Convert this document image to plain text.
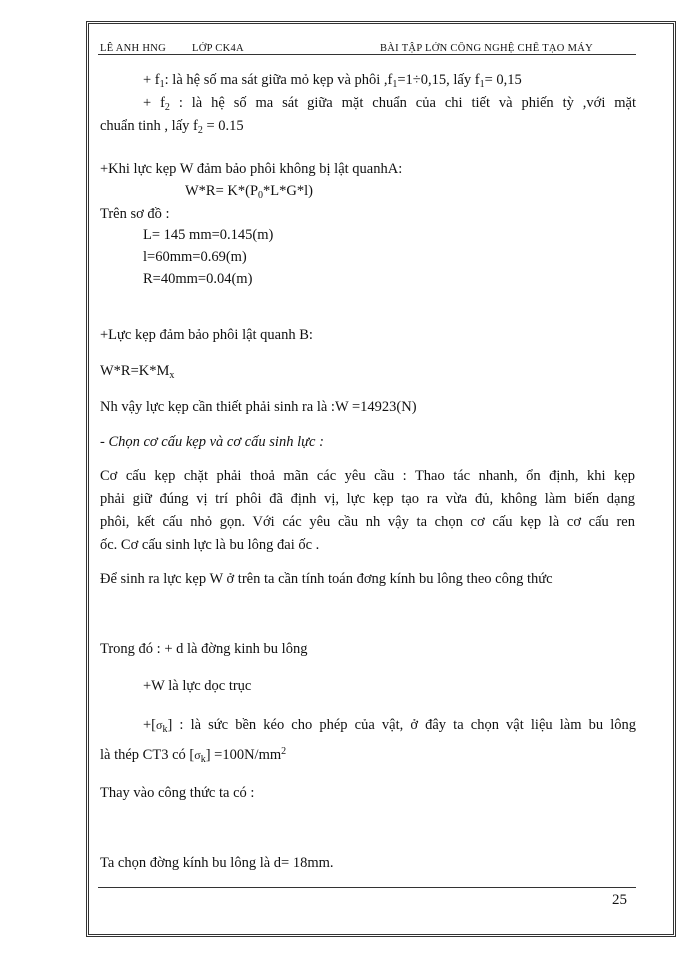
LÊ ANH HNG LỚP CK4A	BÀI TẬP LỚN CÔNG NGHỆ CHẾ TẠO MÁY
+ $f_1$: là hệ số ma sát giữa mỏ kẹp và phôi $,f_1=1\div 0,15$, lấy $f_1= 0,15$
+ $f_2$ : là hệ số ma sát giữa mặt chuẩn của chi tiết và phiến tỳ ,với mặt
chuẩn tinh , lấy $f_2 = 0.15$
+Khi lực kẹp W đảm bảo phôi không bị lật quanhA:
$W*R= K*(P_0*L*G*l)$
Trên sơ đồ :
L= 145 mm=0.145(m)
l=60mm=0.69(m)
R=40mm=0.04(m)
+Lực kẹp đảm bảo phôi lật quanh B:
$W*R=K*M_x$
Nh vậy lực kẹp cần thiết phải sinh ra là :W =14923(N)
- Chọn cơ cấu kẹp và cơ cấu sinh lực :
Cơ cấu kẹp chặt phải thoả mãn các yêu cầu : Thao tác nhanh, ổn định, khi kẹp
phải giữ đúng vị trí phôi đã định vị, lực kẹp tạo ra vừa đủ, không làm biến dạng
phôi, kết cấu nhỏ gọn. Với các yêu cầu nh vậy ta chọn cơ cấu kẹp là cơ cấu ren
ốc. Cơ cấu sinh lực là bu lông đai ốc .
Để sinh ra lực kẹp W ở trên ta cần tính toán đơng kính bu lông theo công thức
Trong đó : + d là đờng kinh bu lông
+W là lực dọc trục
$+[\sigma_k]$ : là sức bền kéo cho phép của vật, ở đây ta chọn vật liệu làm bu lông
là thép CT3 có $[\sigma_k] =100N/mm^2$
Thay vào công thức ta có :
Ta chọn đờng kính bu lông là d= 18mm.
25
